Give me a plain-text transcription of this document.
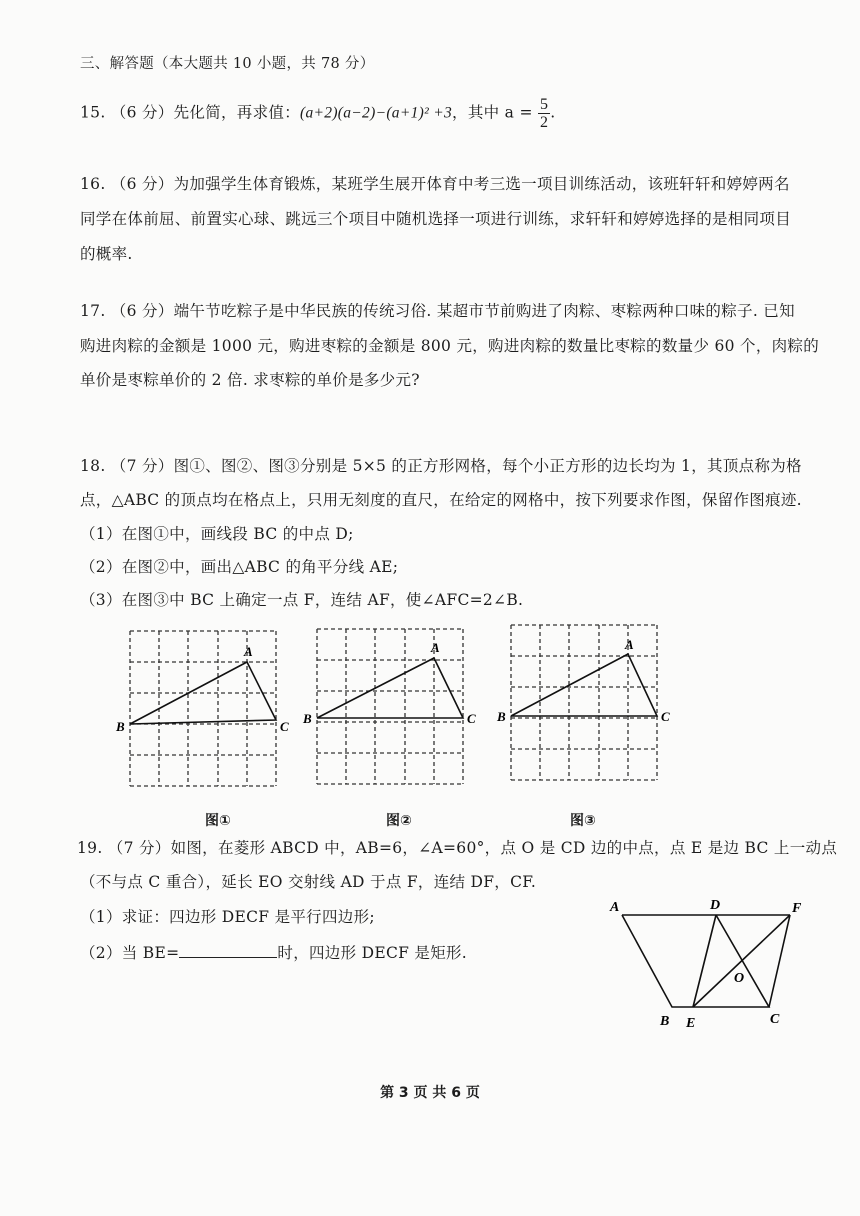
三、解答题（本大题共 10 小题，共 78 分）
15. （6 分）先化简，再求值：(a+2)(a−2)−(a+1)² +3，其中 $a = \frac{5}{2}$ .
16. （6 分）为加强学生体育锻炼，某班学生展开体育中考三选一项目训练活动，该班轩轩和婷婷两名
同学在体前屈、前置实心球、跳远三个项目中随机选择一项进行训练，求轩轩和婷婷选择的是相同项目
的概率.
17. （6 分）端午节吃粽子是中华民族的传统习俗. 某超市节前购进了肉粽、枣粽两种口味的粽子. 已知
购进肉粽的金额是 1000 元，购进枣粽的金额是 800 元，购进肉粽的数量比枣粽的数量少 60 个，肉粽的
单价是枣粽单价的 2 倍. 求枣粽的单价是多少元?
18. （7 分）图①、图②、图③分别是 5×5 的正方形网格，每个小正方形的边长均为 1，其顶点称为格
点，△ABC 的顶点均在格点上，只用无刻度的直尺，在给定的网格中，按下列要求作图，保留作图痕迹.
（1）在图①中，画线段 BC 的中点 D;
（2）在图②中，画出△ABC 的角平分线 AE;
（3）在图③中 BC 上确定一点 F，连结 AF，使∠AFC=2∠B.
A
B	C
A
B	C
A
B	C
图①	图②	图③
19. （7 分）如图，在菱形 ABCD 中，AB=6，∠A=60°，点 O 是 CD 边的中点，点 E 是边 BC 上一动点
（不与点 C 重合），延长 EO 交射线 AD 于点 F，连结 DF，CF.
（1）求证：四边形 DECF 是平行四边形;
（2）当 BE=	时，四边形 DECF 是矩形.
A	D	F
O
B E	C
第 3 页 共 6 页
